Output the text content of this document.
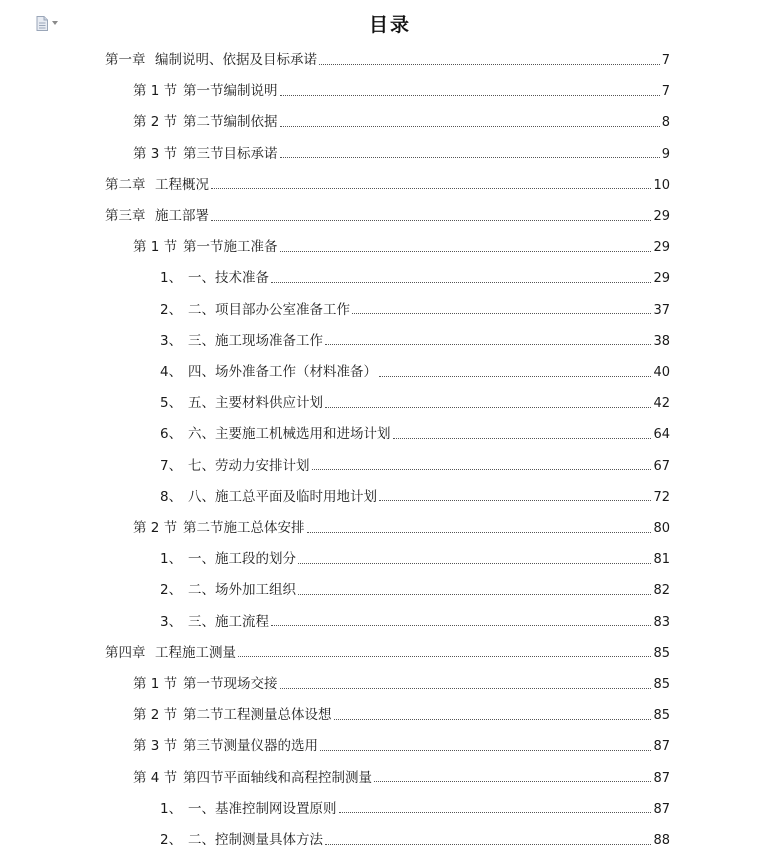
目录
第一章 编制说明、依据及目标承诺	7
第 1 节 第一节编制说明	7
第 2 节 第二节编制依据	8
第 3 节 第三节目标承诺	9
第二章 工程概况	10
第三章 施工部署	29
第 1 节 第一节施工准备	29
1、 一、技术准备	29
2、 二、项目部办公室准备工作	37
3、 三、施工现场准备工作	38
4、 四、场外准备工作（材料准备）	40
5、 五、主要材料供应计划	42
6、 六、主要施工机械选用和进场计划	64
7、 七、劳动力安排计划	67
8、 八、施工总平面及临时用地计划	72
第 2 节 第二节施工总体安排	80
1、 一、施工段的划分	81
2、 二、场外加工组织	82
3、 三、施工流程	83
第四章 工程施工测量	85
第 1 节 第一节现场交接	85
第 2 节 第二节工程测量总体设想	85
第 3 节 第三节测量仪器的选用	87
第 4 节 第四节平面轴线和高程控制测量	87
1、 一、基准控制网设置原则	87
2、 二、控制测量具体方法	88
